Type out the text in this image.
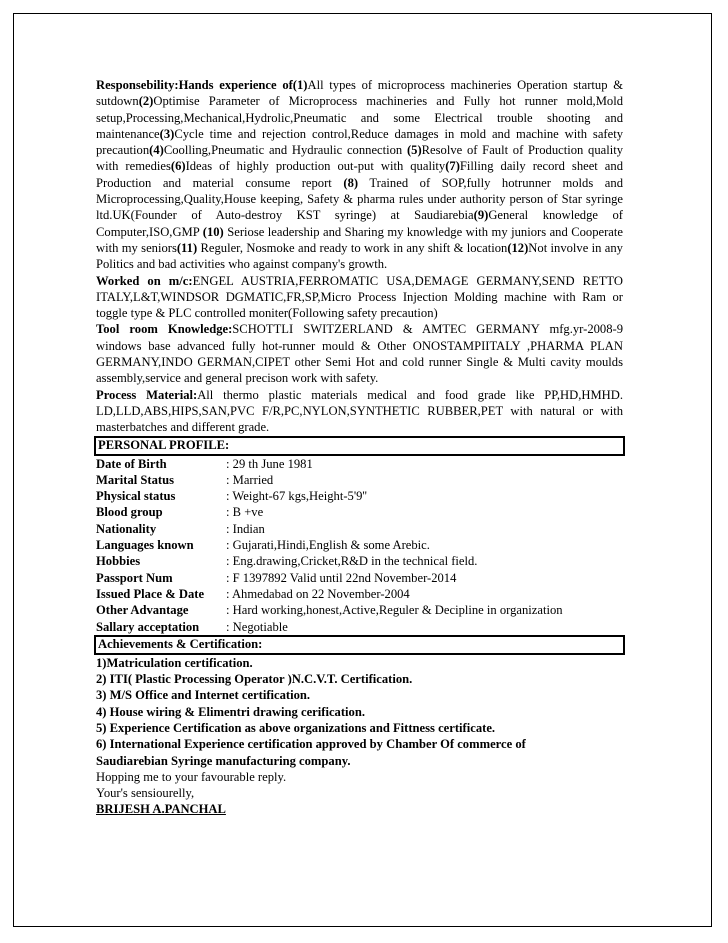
Responsebility:Hands experience of(1)All types of microprocess machineries Operation startup & sutdown(2)Optimise Parameter of Microprocess machineries and Fully hot runner mold,Mold setup,Processing,Mechanical,Hydrolic,Pneumatic and some Electrical trouble shooting and maintenance(3)Cycle time and rejection control,Reduce damages in mold and machine with safety precaution(4)Coolling,Pneumatic and Hydraulic connection (5)Resolve of Fault of Production quality with remedies(6)Ideas of highly production out-put with quality(7)Filling daily record sheet and Production and material consume report (8) Trained of SOP,fully hotrunner molds and Microprocessing,Quality,House keeping, Safety & pharma rules under authority person of Star syringe ltd.UK(Founder of Auto-destroy KST syringe) at Saudiarebia(9)General knowledge of Computer,ISO,GMP (10) Seriose leadership and Sharing my knowledge with my juniors and Cooperate with my seniors(11) Reguler, Nosmoke and ready to work in any shift & location(12)Not involve in any Politics and bad activities who against company's growth.
Worked on m/c:ENGEL AUSTRIA,FERROMATIC USA,DEMAGE GERMANY,SEND RETTO ITALY,L&T,WINDSOR DGMATIC,FR,SP,Micro Process Injection Molding machine with Ram or toggle type & PLC controlled moniter(Following safety precaution)
Tool room Knowledge:SCHOTTLI SWITZERLAND & AMTEC GERMANY mfg.yr-2008-9 windows base advanced fully hot-runner mould & Other ONOSTAMPIITALY ,PHARMA PLAN GERMANY,INDO GERMAN,CIPET other Semi Hot and cold runner Single & Multi cavity moulds assembly,service and general precison work with safety.
Process Material:All thermo plastic materials medical and food grade like PP,HD,HMHD. LD,LLD,ABS,HIPS,SAN,PVC F/R,PC,NYLON,SYNTHETIC RUBBER,PET with natural or with masterbatches and different grade.
PERSONAL PROFILE:
Date of Birth	: 29 th June 1981
Marital Status	: Married
Physical status	: Weight-67 kgs,Height-5'9''
Blood group	: B +ve
Nationality	: Indian
Languages known	: Gujarati,Hindi,English & some Arebic.
Hobbies	: Eng.drawing,Cricket,R&D in the technical field.
Passport Num	: F 1397892 Valid until 22nd November-2014
Issued Place & Date	: Ahmedabad on 22 November-2004
Other Advantage	: Hard working,honest,Active,Reguler & Decipline in organization
Sallary acceptation	: Negotiable
Achievements & Certification:
1)Matriculation certification.
2) ITI( Plastic Processing Operator )N.C.V.T. Certification.
3) M/S Office and Internet certification.
4) House wiring & Elimentri drawing cerification.
5) Experience Certification as above organizations and Fittness certificate.
6) International Experience certification approved by Chamber Of commerce of
Saudiarebian Syringe manufacturing company.
Hopping me to your favourable reply.
Your's sensiourelly,
BRIJESH A.PANCHAL
